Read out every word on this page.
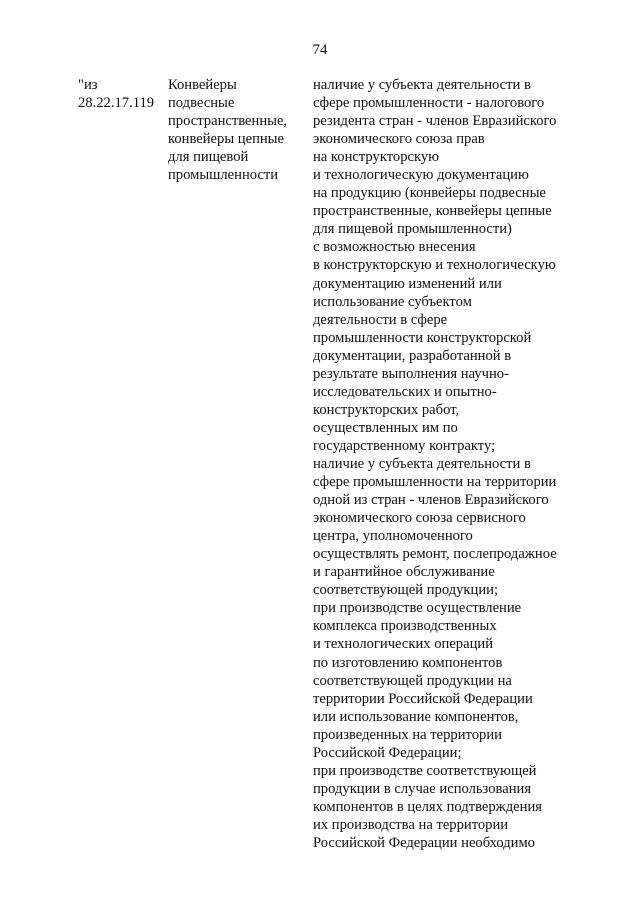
74
"из
28.22.17.119
Конвейеры
подвесные
пространственные,
конвейеры цепные
для пищевой
промышленности
наличие у субъекта деятельности в
сфере промышленности - налогового
резидента стран - членов Евразийского
экономического союза прав
на конструкторскую
и технологическую документацию
на продукцию (конвейеры подвесные
пространственные, конвейеры цепные
для пищевой промышленности)
с возможностью внесения
в конструкторскую и технологическую
документацию изменений или
использование субъектом
деятельности в сфере
промышленности конструкторской
документации, разработанной в
результате выполнения научно-
исследовательских и опытно-
конструкторских работ,
осуществленных им по
государственному контракту;
наличие у субъекта деятельности в
сфере промышленности на территории
одной из стран - членов Евразийского
экономического союза сервисного
центра, уполномоченного
осуществлять ремонт, послепродажное
и гарантийное обслуживание
соответствующей продукции;
при производстве осуществление
комплекса производственных
и технологических операций
по изготовлению компонентов
соответствующей продукции на
территории Российской Федерации
или использование компонентов,
произведенных на территории
Российской Федерации;
при производстве соответствующей
продукции в случае использования
компонентов в целях подтверждения
их производства на территории
Российской Федерации необходимо
